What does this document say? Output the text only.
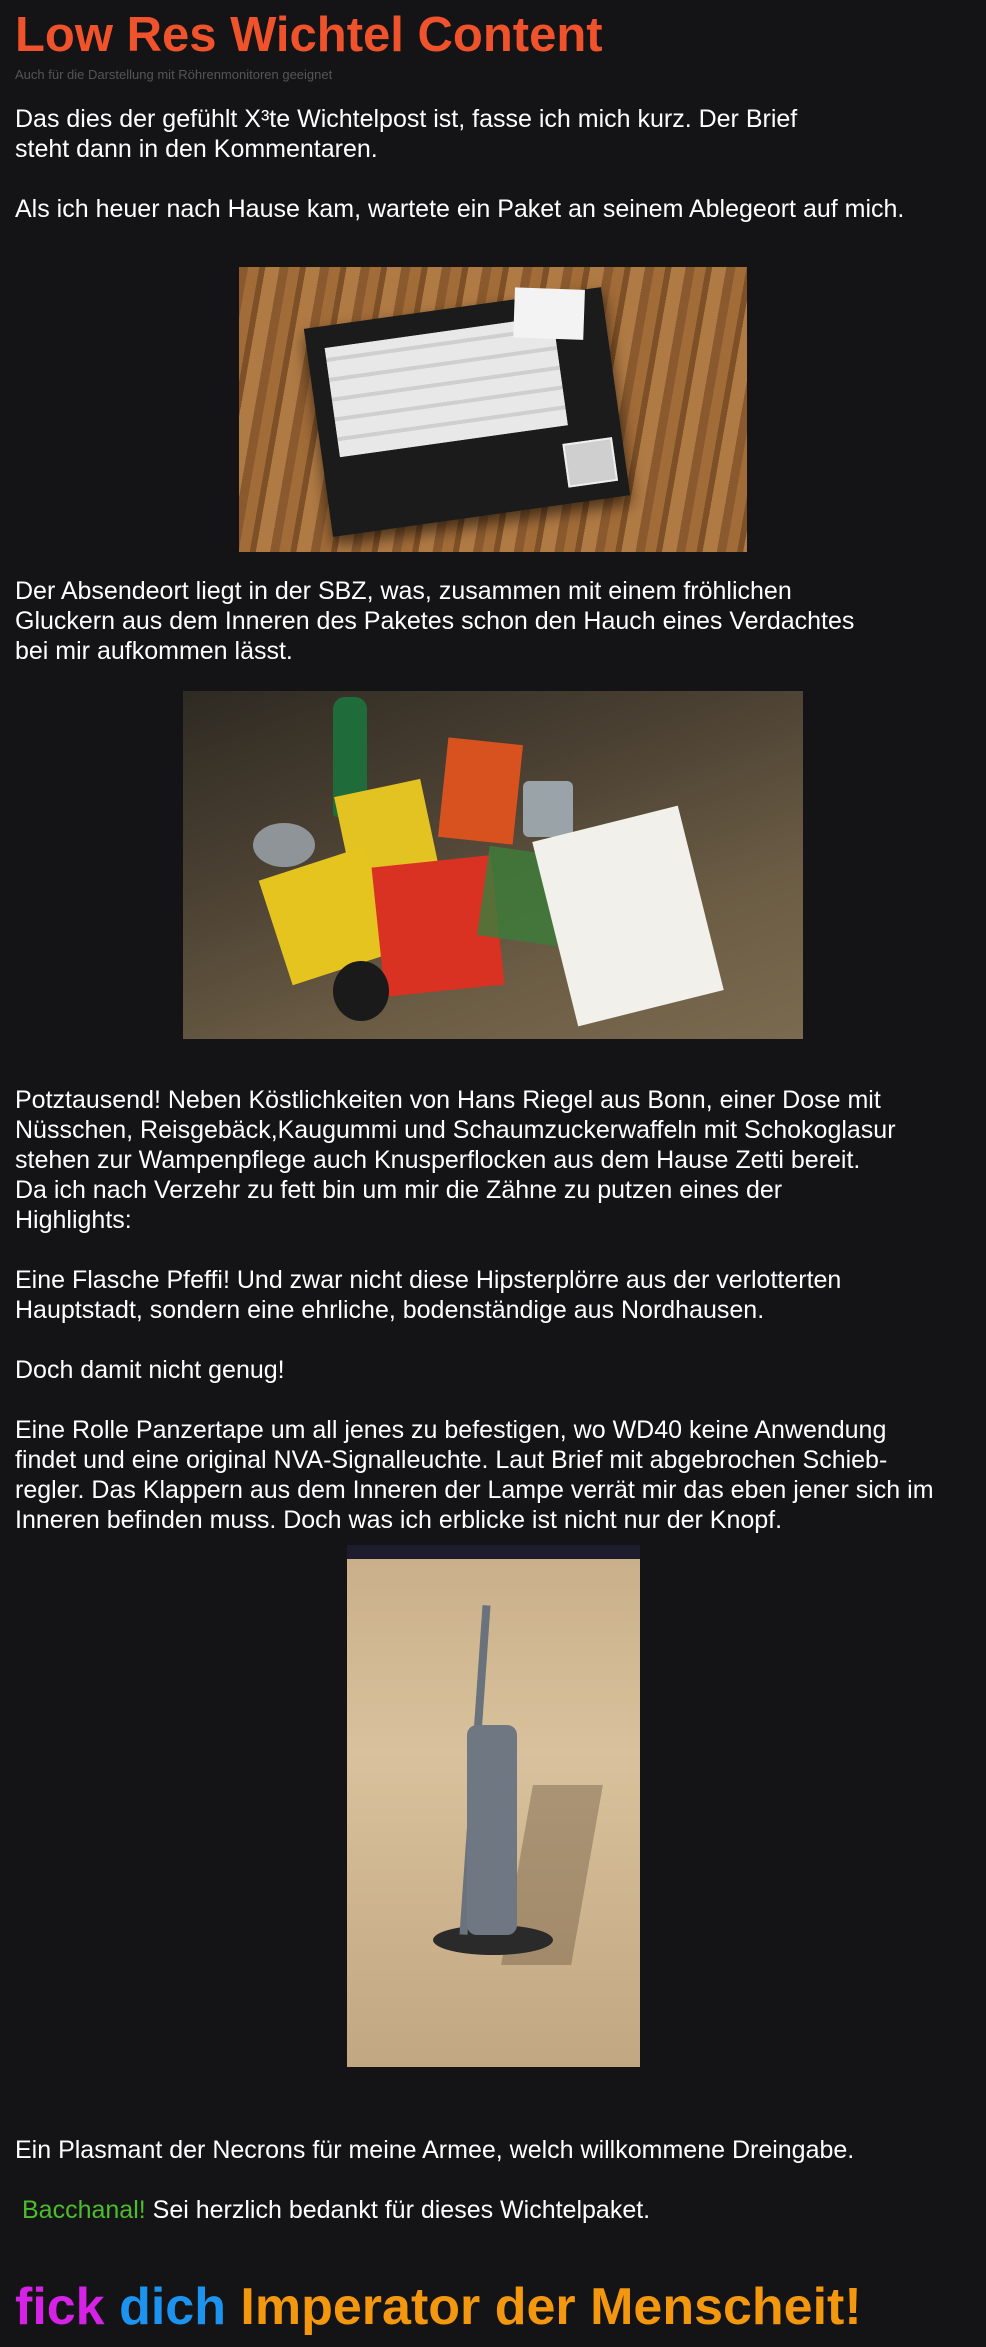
Low Res Wichtel Content
Auch für die Darstellung mit Röhrenmonitoren geeignet

Das dies der gefühlt X³te Wichtelpost ist, fasse ich mich kurz. Der Brief
steht dann in den Kommentaren.

Als ich heuer nach Hause kam, wartete ein Paket an seinem Ablegeort auf mich.

Der Absendeort liegt in der SBZ, was, zusammen mit einem fröhlichen
Gluckern aus dem Inneren des Paketes schon den Hauch eines Verdachtes
bei mir aufkommen lässt.

Potztausend! Neben Köstlichkeiten von Hans Riegel aus Bonn, einer Dose mit
Nüsschen, Reisgebäck,Kaugummi und Schaumzuckerwaffeln mit Schokoglasur
stehen zur Wampenpflege auch Knusperflocken aus dem Hause Zetti bereit.
Da ich nach Verzehr zu fett bin um mir die Zähne zu putzen eines der
Highlights:

Eine Flasche Pfeffi! Und zwar nicht diese Hipsterplörre aus der verlotterten
Hauptstadt, sondern eine ehrliche, bodenständige aus Nordhausen.

Doch damit nicht genug!

Eine Rolle Panzertape um all jenes zu befestigen, wo WD40 keine Anwendung
findet und eine original NVA-Signalleuchte. Laut Brief mit abgebrochen Schieb-
regler. Das Klappern aus dem Inneren der Lampe verrät mir das eben jener sich im
Inneren befinden muss. Doch was ich erblicke ist nicht nur der Knopf.

Ein Plasmant der Necrons für meine Armee, welch willkommene Dreingabe.

Bacchanal! Sei herzlich bedankt für dieses Wichtelpaket.

fick dich Imperator der Menscheit!
